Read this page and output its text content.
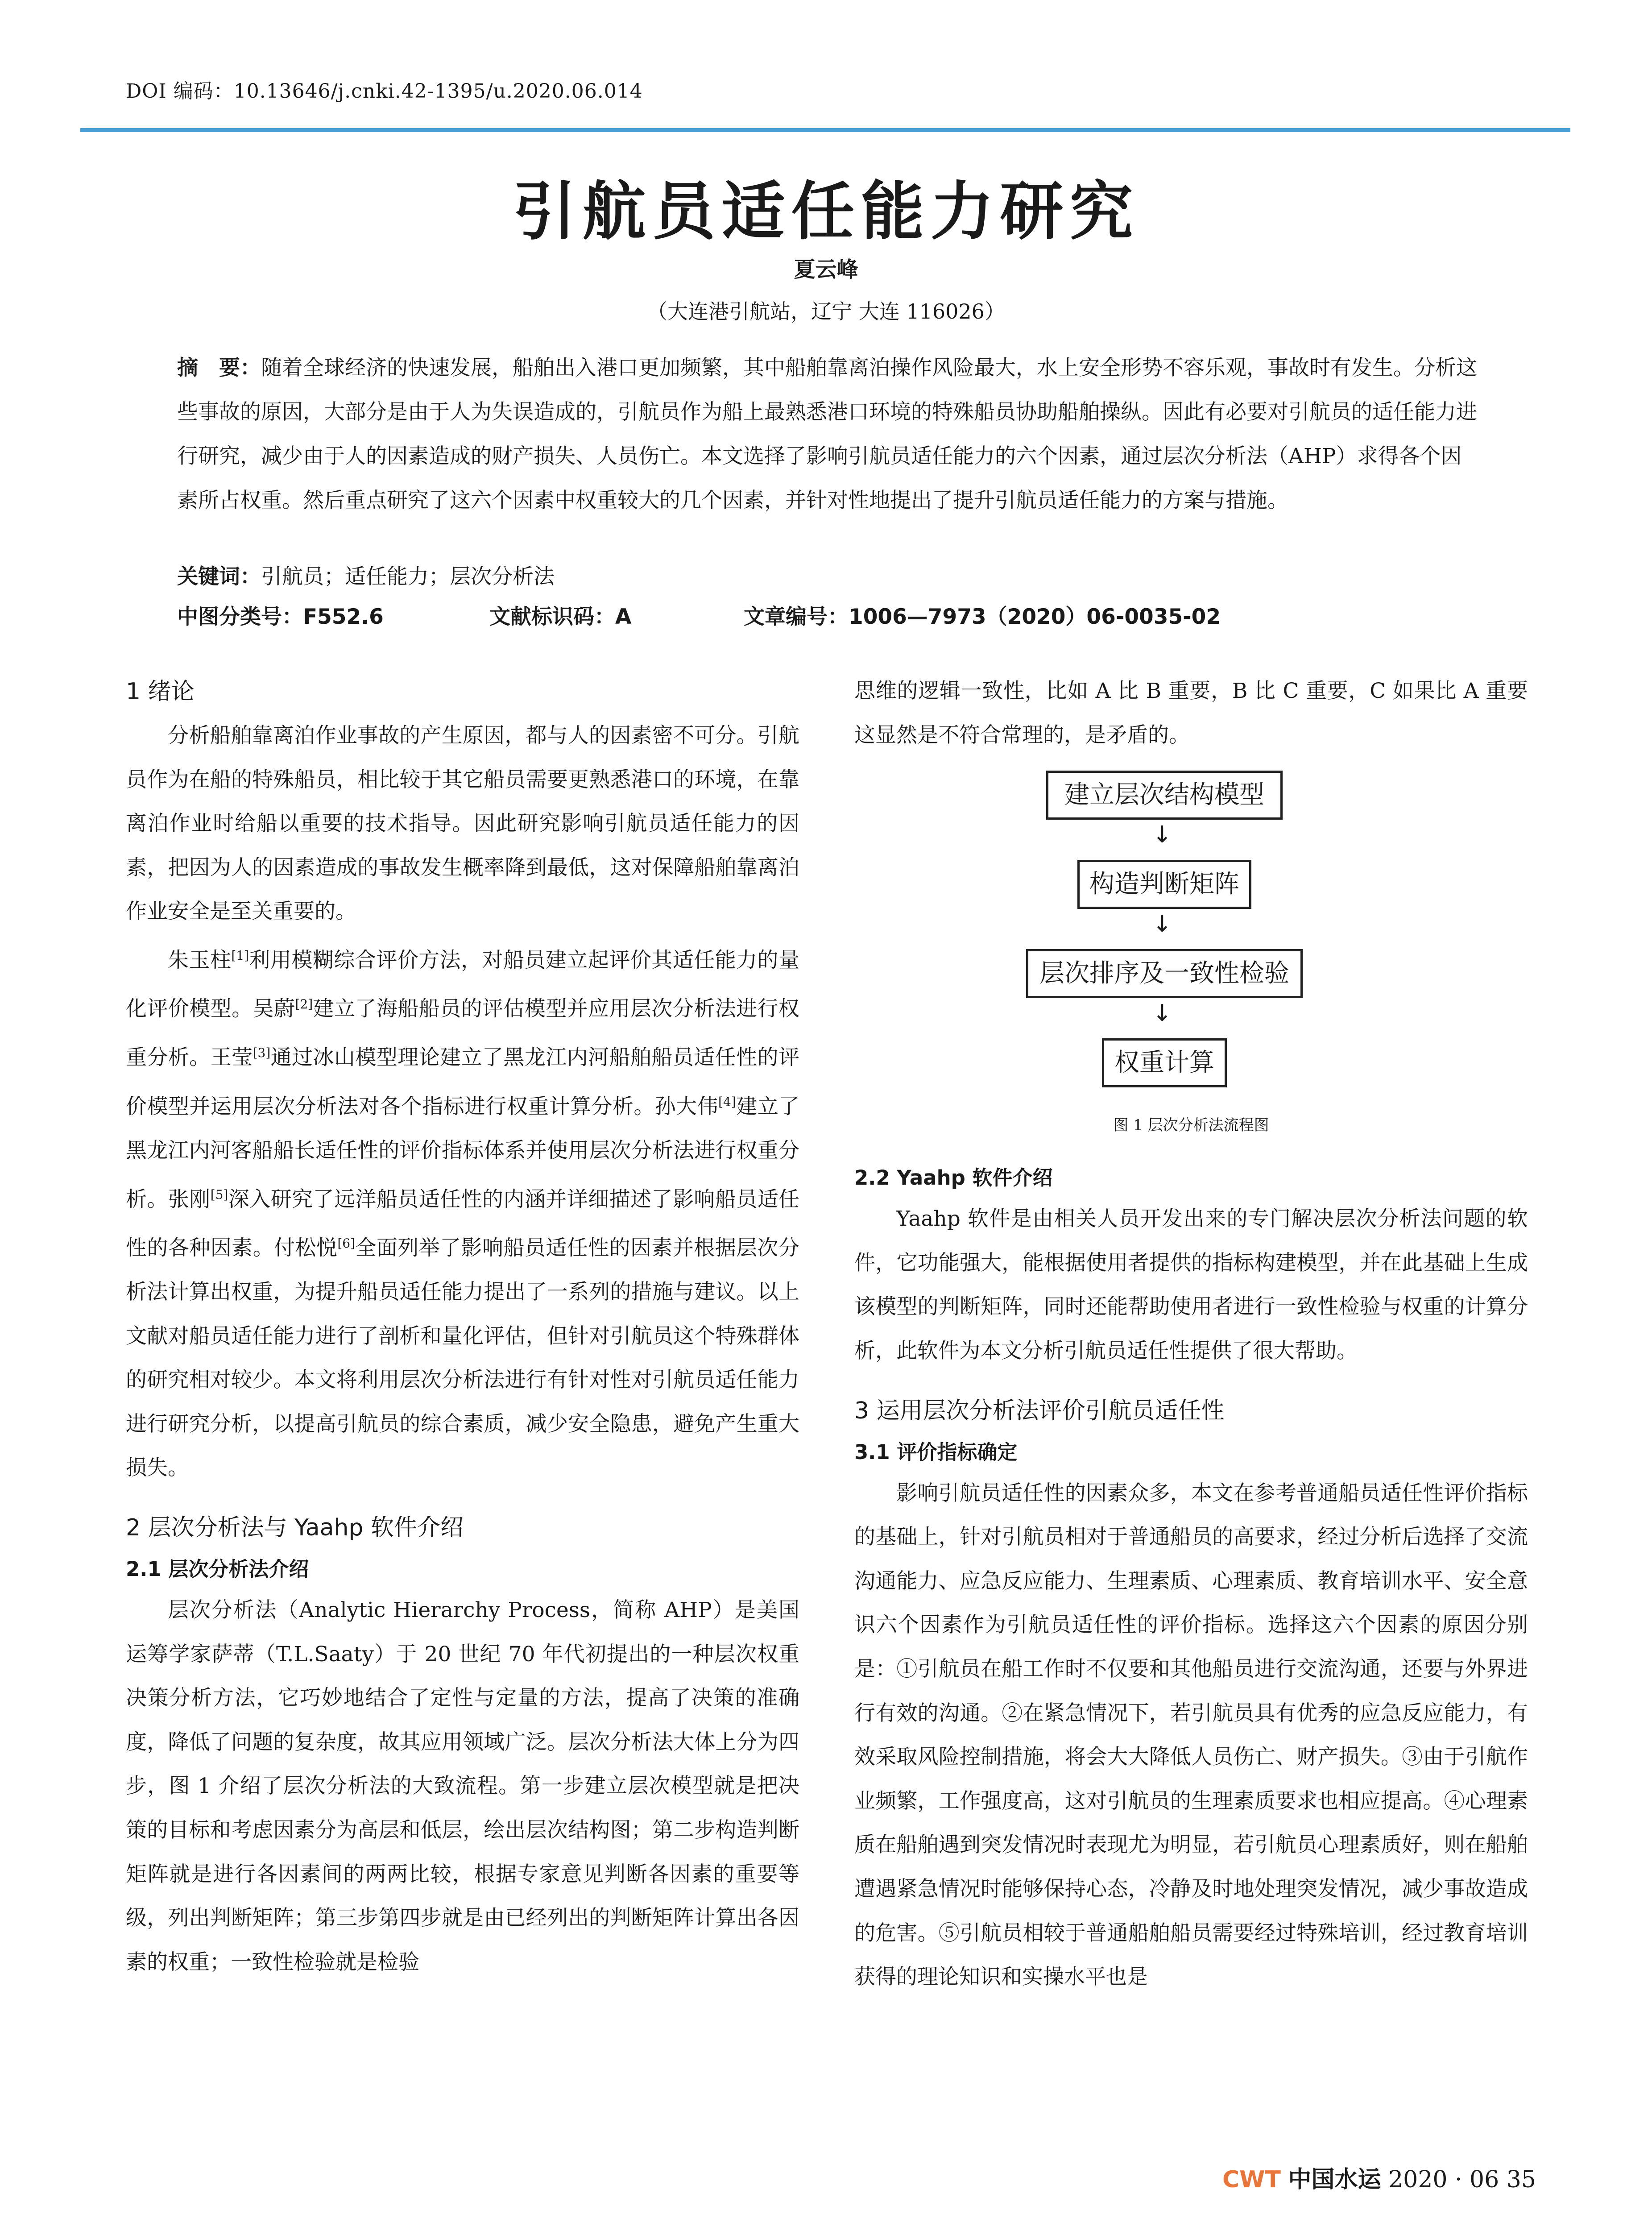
DOI 编码：10.13646/j.cnki.42-1395/u.2020.06.014
引航员适任能力研究
夏云峰
（大连港引航站，辽宁 大连 116026）
摘　要：随着全球经济的快速发展，船舶出入港口更加频繁，其中船舶靠离泊操作风险最大，水上安全形势不容乐观，事故时有发生。分析这些事故的原因，大部分是由于人为失误造成的，引航员作为船上最熟悉港口环境的特殊船员协助船舶操纵。因此有必要对引航员的适任能力进行研究，减少由于人的因素造成的财产损失、人员伤亡。本文选择了影响引航员适任能力的六个因素，通过层次分析法（AHP）求得各个因素所占权重。然后重点研究了这六个因素中权重较大的几个因素，并针对性地提出了提升引航员适任能力的方案与措施。
关键词：引航员；适任能力；层次分析法
中图分类号：F552.6	文献标识码：A	文章编号：1006—7973（2020）06-0035-02
1 绪论

分析船舶靠离泊作业事故的产生原因，都与人的因素密不可分。引航员作为在船的特殊船员，相比较于其它船员需要更熟悉港口的环境，在靠离泊作业时给船以重要的技术指导。因此研究影响引航员适任能力的因素，把因为人的因素造成的事故发生概率降到最低，这对保障船舶靠离泊作业安全是至关重要的。

朱玉柱[1]利用模糊综合评价方法，对船员建立起评价其适任能力的量化评价模型。吴蔚[2]建立了海船船员的评估模型并应用层次分析法进行权重分析。王莹[3]通过冰山模型理论建立了黑龙江内河船舶船员适任性的评价模型并运用层次分析法对各个指标进行权重计算分析。孙大伟[4]建立了黑龙江内河客船船长适任性的评价指标体系并使用层次分析法进行权重分析。张刚[5]深入研究了远洋船员适任性的内涵并详细描述了影响船员适任性的各种因素。付松悦[6]全面列举了影响船员适任性的因素并根据层次分析法计算出权重，为提升船员适任能力提出了一系列的措施与建议。以上文献对船员适任能力进行了剖析和量化评估，但针对引航员这个特殊群体的研究相对较少。本文将利用层次分析法进行有针对性对引航员适任能力进行研究分析，以提高引航员的综合素质，减少安全隐患，避免产生重大损失。

2 层次分析法与 Yaahp 软件介绍
2.1 层次分析法介绍

层次分析法（Analytic Hierarchy Process，简称 AHP）是美国运筹学家萨蒂（T.L.Saaty）于 20 世纪 70 年代初提出的一种层次权重决策分析方法，它巧妙地结合了定性与定量的方法，提高了决策的准确度，降低了问题的复杂度，故其应用领域广泛。层次分析法大体上分为四步，图 1 介绍了层次分析法的大致流程。第一步建立层次模型就是把决策的目标和考虑因素分为高层和低层，绘出层次结构图；第二步构造判断矩阵就是进行各因素间的两两比较，根据专家意见判断各因素的重要等级，列出判断矩阵；第三步第四步就是由已经列出的判断矩阵计算出各因素的权重；一致性检验就是检验

思维的逻辑一致性，比如 A 比 B 重要，B 比 C 重要，C 如果比 A 重要这显然是不符合常理的，是矛盾的。

建立层次结构模型
↓
构造判断矩阵
↓
层次排序及一致性检验
↓
权重计算
图 1 层次分析法流程图
2.2 Yaahp 软件介绍

Yaahp 软件是由相关人员开发出来的专门解决层次分析法问题的软件，它功能强大，能根据使用者提供的指标构建模型，并在此基础上生成该模型的判断矩阵，同时还能帮助使用者进行一致性检验与权重的计算分析，此软件为本文分析引航员适任性提供了很大帮助。

3 运用层次分析法评价引航员适任性
3.1 评价指标确定

影响引航员适任性的因素众多，本文在参考普通船员适任性评价指标的基础上，针对引航员相对于普通船员的高要求，经过分析后选择了交流沟通能力、应急反应能力、生理素质、心理素质、教育培训水平、安全意识六个因素作为引航员适任性的评价指标。选择这六个因素的原因分别是：①引航员在船工作时不仅要和其他船员进行交流沟通，还要与外界进行有效的沟通。②在紧急情况下，若引航员具有优秀的应急反应能力，有效采取风险控制措施，将会大大降低人员伤亡、财产损失。③由于引航作业频繁，工作强度高，这对引航员的生理素质要求也相应提高。④心理素质在船舶遇到突发情况时表现尤为明显，若引航员心理素质好，则在船舶遭遇紧急情况时能够保持心态，冷静及时地处理突发情况，减少事故造成的危害。⑤引航员相较于普通船舶船员需要经过特殊培训，经过教育培训获得的理论知识和实操水平也是

CWT 中国水运 2020 · 06 35
